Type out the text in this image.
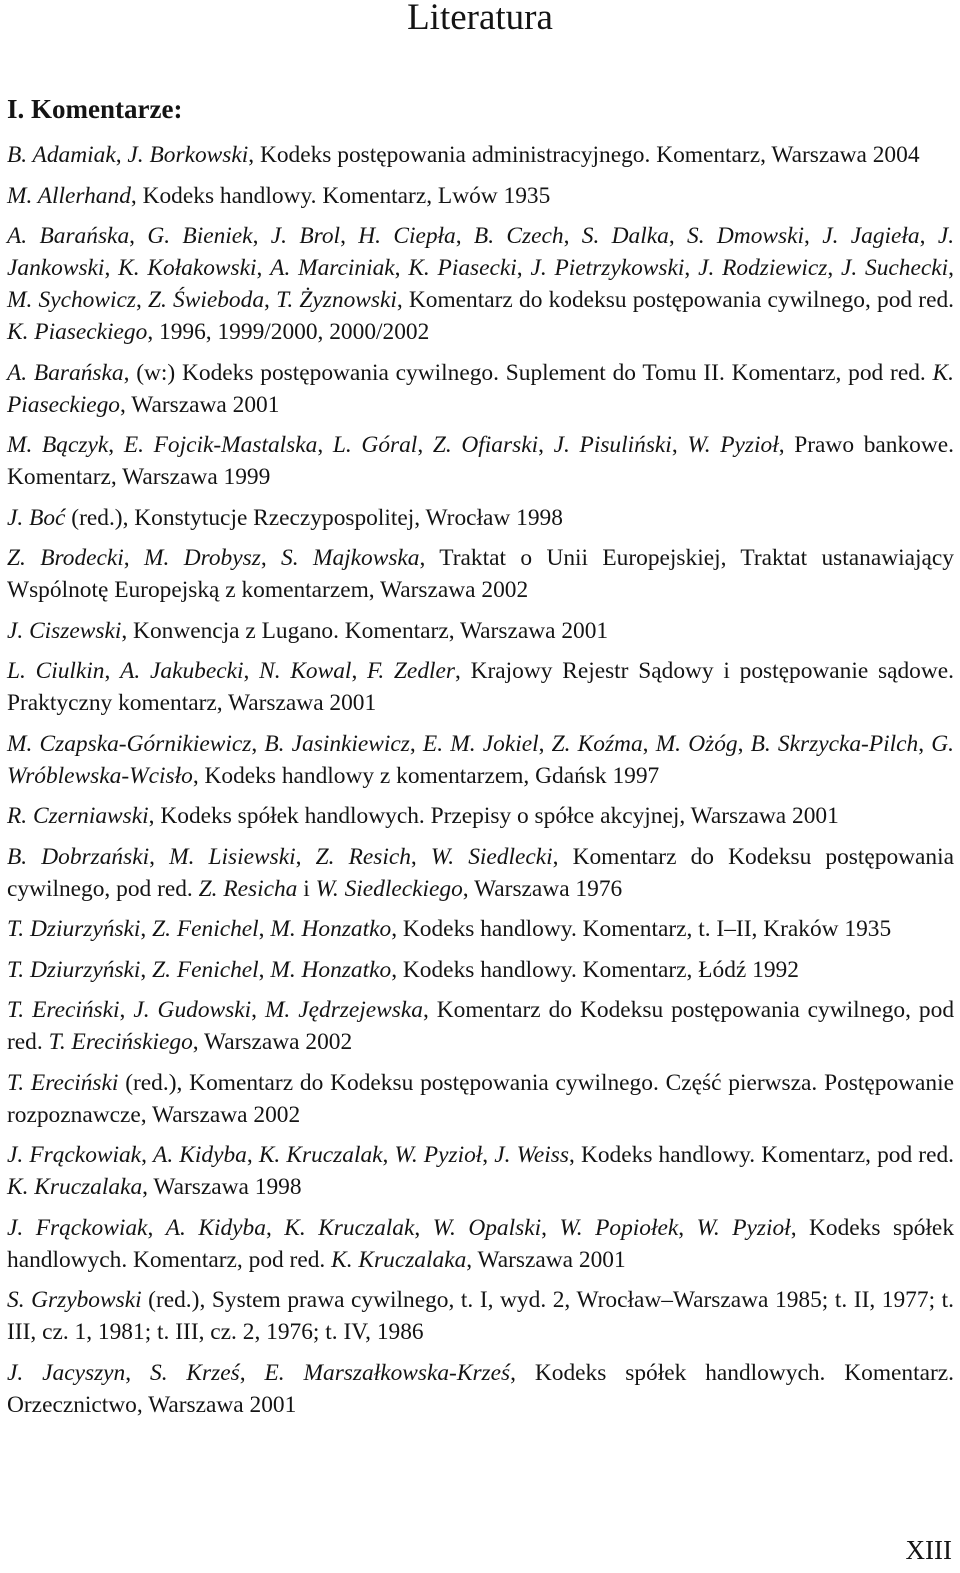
Literatura
I. Komentarze:
B. Adamiak, J. Borkowski, Kodeks postępowania administracyjnego. Komentarz, Warszawa 2004
M. Allerhand, Kodeks handlowy. Komentarz, Lwów 1935
A. Barańska, G. Bieniek, J. Brol, H. Ciepła, B. Czech, S. Dalka, S. Dmowski, J. Jagieła, J. Jankowski, K. Kołakowski, A. Marciniak, K. Piasecki, J. Pietrzykowski, J. Rodziewicz, J. Suchecki, M. Sychowicz, Z. Świeboda, T. Żyznowski, Komentarz do kodeksu postępowania cywilnego, pod red. K. Piaseckiego, 1996, 1999/2000, 2000/2002
A. Barańska, (w:) Kodeks postępowania cywilnego. Suplement do Tomu II. Komentarz, pod red. K. Piaseckiego, Warszawa 2001
M. Bączyk, E. Fojcik-Mastalska, L. Góral, Z. Ofiarski, J. Pisuliński, W. Pyzioł, Prawo bankowe. Komentarz, Warszawa 1999
J. Boć (red.), Konstytucje Rzeczypospolitej, Wrocław 1998
Z. Brodecki, M. Drobysz, S. Majkowska, Traktat o Unii Europejskiej, Traktat ustanawiający Wspólnotę Europejską z komentarzem, Warszawa 2002
J. Ciszewski, Konwencja z Lugano. Komentarz, Warszawa 2001
L. Ciulkin, A. Jakubecki, N. Kowal, F. Zedler, Krajowy Rejestr Sądowy i postępowanie sądowe. Praktyczny komentarz, Warszawa 2001
M. Czapska-Górnikiewicz, B. Jasinkiewicz, E. M. Jokiel, Z. Koźma, M. Ożóg, B. Skrzycka-Pilch, G. Wróblewska-Wcisło, Kodeks handlowy z komentarzem, Gdańsk 1997
R. Czerniawski, Kodeks spółek handlowych. Przepisy o spółce akcyjnej, Warszawa 2001
B. Dobrzański, M. Lisiewski, Z. Resich, W. Siedlecki, Komentarz do Kodeksu postępowania cywilnego, pod red. Z. Resicha i W. Siedleckiego, Warszawa 1976
T. Dziurzyński, Z. Fenichel, M. Honzatko, Kodeks handlowy. Komentarz, t. I–II, Kraków 1935
T. Dziurzyński, Z. Fenichel, M. Honzatko, Kodeks handlowy. Komentarz, Łódź 1992
T. Ereciński, J. Gudowski, M. Jędrzejewska, Komentarz do Kodeksu postępowania cywilnego, pod red. T. Erecińskiego, Warszawa 2002
T. Ereciński (red.), Komentarz do Kodeksu postępowania cywilnego. Część pierwsza. Postępowanie rozpoznawcze, Warszawa 2002
J. Frąckowiak, A. Kidyba, K. Kruczalak, W. Pyzioł, J. Weiss, Kodeks handlowy. Komentarz, pod red. K. Kruczalaka, Warszawa 1998
J. Frąckowiak, A. Kidyba, K. Kruczalak, W. Opalski, W. Popiołek, W. Pyzioł, Kodeks spółek handlowych. Komentarz, pod red. K. Kruczalaka, Warszawa 2001
S. Grzybowski (red.), System prawa cywilnego, t. I, wyd. 2, Wrocław–Warszawa 1985; t. II, 1977; t. III, cz. 1, 1981; t. III, cz. 2, 1976; t. IV, 1986
J. Jacyszyn, S. Krześ, E. Marszałkowska-Krześ, Kodeks spółek handlowych. Komentarz. Orzecznictwo, Warszawa 2001

XIII
